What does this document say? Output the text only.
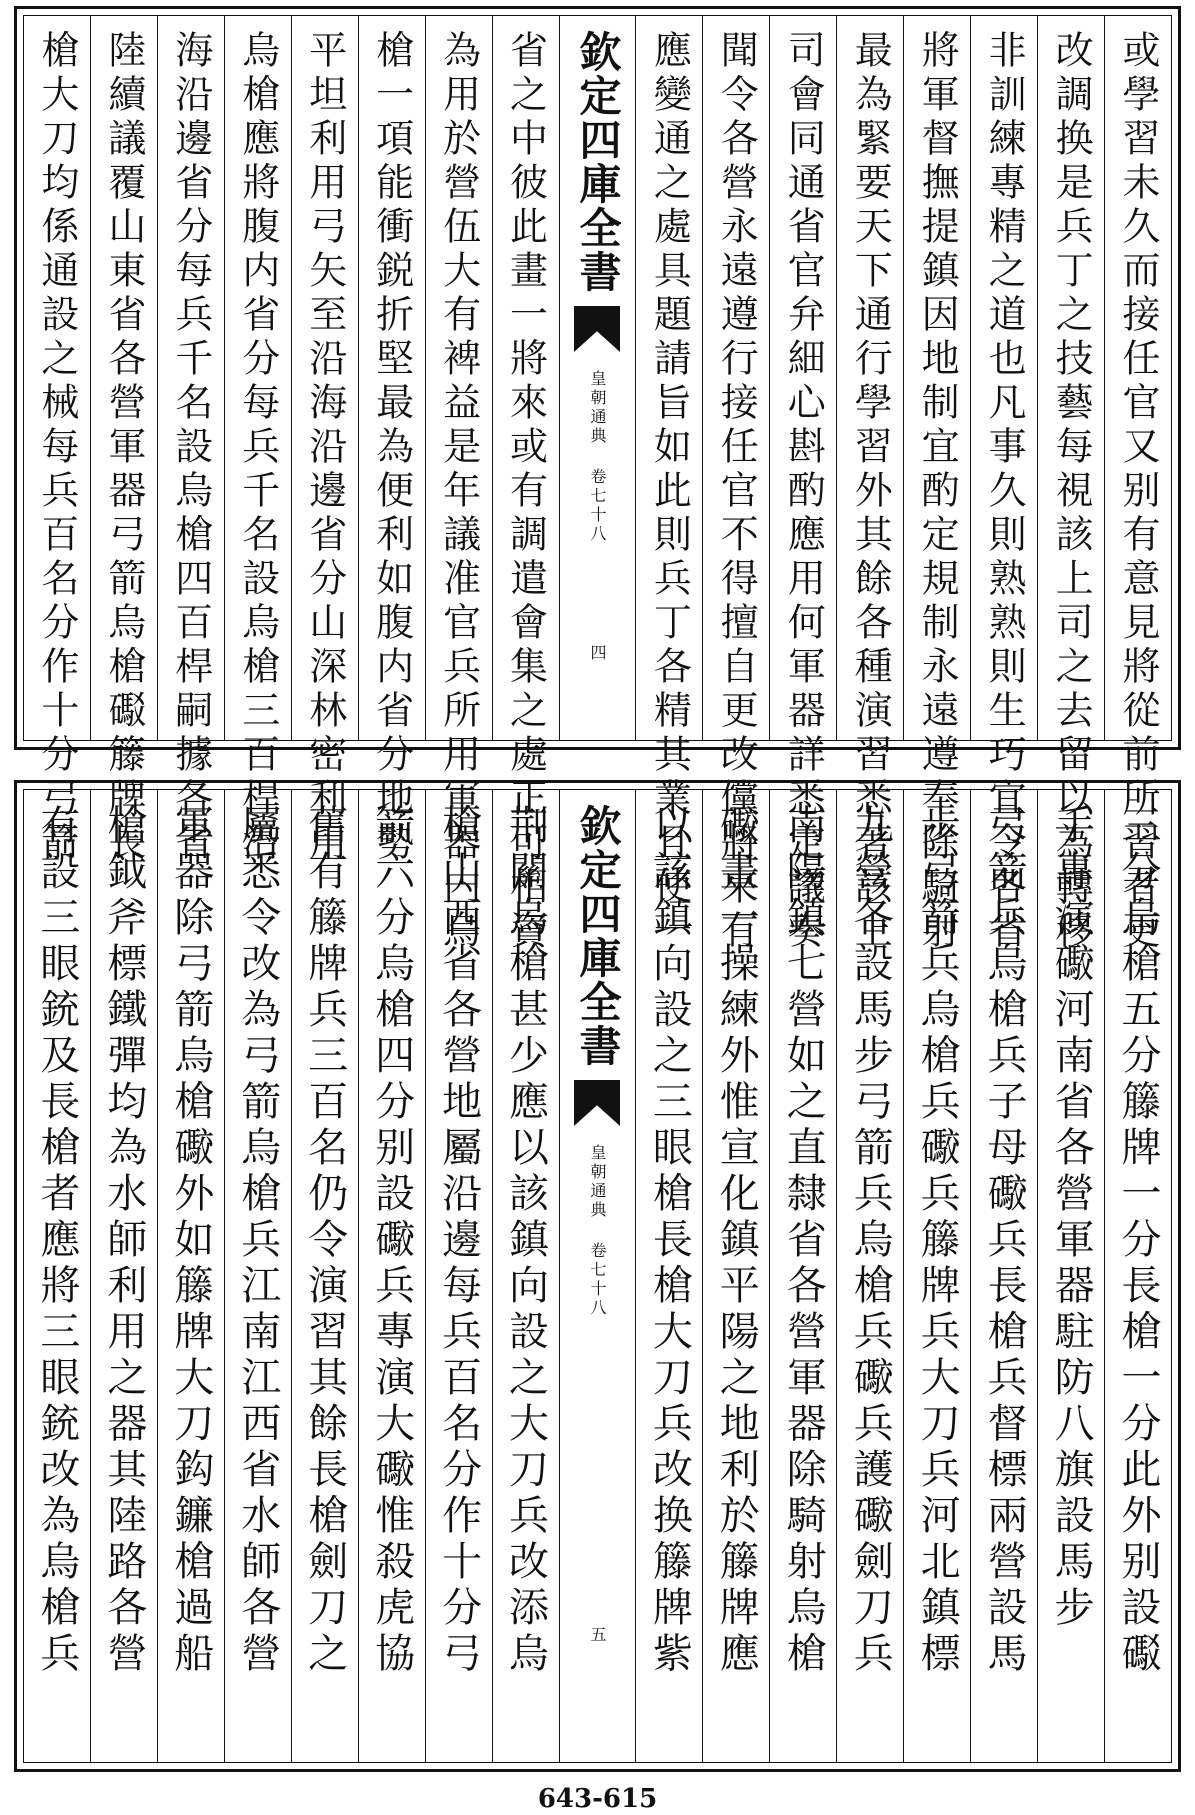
或學習未久而接任官又别有意見將從前所習者更
改調换是兵丁之技藝每視該上司之去留以為轉移
非訓練專精之道也凡事久則熟熟則生巧宜令各省
將軍督撫提鎮因地制宜酌定規制永遠遵奉除騎射
最為緊要天下通行學習外其餘各種演習悉著該上
司會同通省官弁細心斟酌應用何軍器詳悉定議奏
聞令各營永遠遵行接任官不得擅自更改儻將來有
應變通之處具題請旨如此則兵丁各精其業且使一
欽定四庫全書
皇朝通典 卷七十八
四
省之中彼此畫一將來或有調遣會集之處正可相資
為用於營伍大有裨益是年議准官兵所用軍器内烏
槍一項能衝鋭折堅最為便利如腹内省分地勢
平坦利用弓矢至沿海沿邊省分山深林密利用
烏槍應將腹内省分每兵千名設烏槍三百桿沿
海沿邊省分每兵千名設烏槍四百桿嗣據各省
陸續議覆山東省各營軍器弓箭烏槍礟籐牌長
槍大刀均係通設之械每兵百名分作十分弓箭
三分烏槍五分籐牌一分長槍一分此外别設礟
手專演礮河南省各營軍器駐防八旗設馬步
弓箭兵烏槍兵子母礮兵長槍兵督標兩營設馬
步弓箭兵烏槍兵礮兵籐牌兵大刀兵河北鎮標
九營各設馬步弓箭兵烏槍兵礮兵護礮劍刀兵
南陽鎮七營如之直隸省各營軍器除騎射烏槍
礮畫一操練外惟宣化鎮平陽之地利於籐牌應
以該鎮向設之三眼槍長槍大刀兵改换籐牌紫
欽定四庫全書
皇朝通典 卷七十八
五
荆關烏槍甚少應以該鎮向設之大刀兵改添烏
槍山西省各營地屬沿邊每兵百名分作十分弓
箭六分烏槍四分别設礮兵專演大礮惟殺虎協
舊有籐牌兵三百名仍令演習其餘長槍劍刀之
屬悉令改為弓箭烏槍兵江南江西省水師各營
軍器除弓箭烏槍礮外如籐牌大刀鈎鐮槍過船
槍鉞斧標鐵彈均為水師利用之器其陸路各營
有設三眼銃及長槍者應將三眼銃改為烏槍兵
643-615
